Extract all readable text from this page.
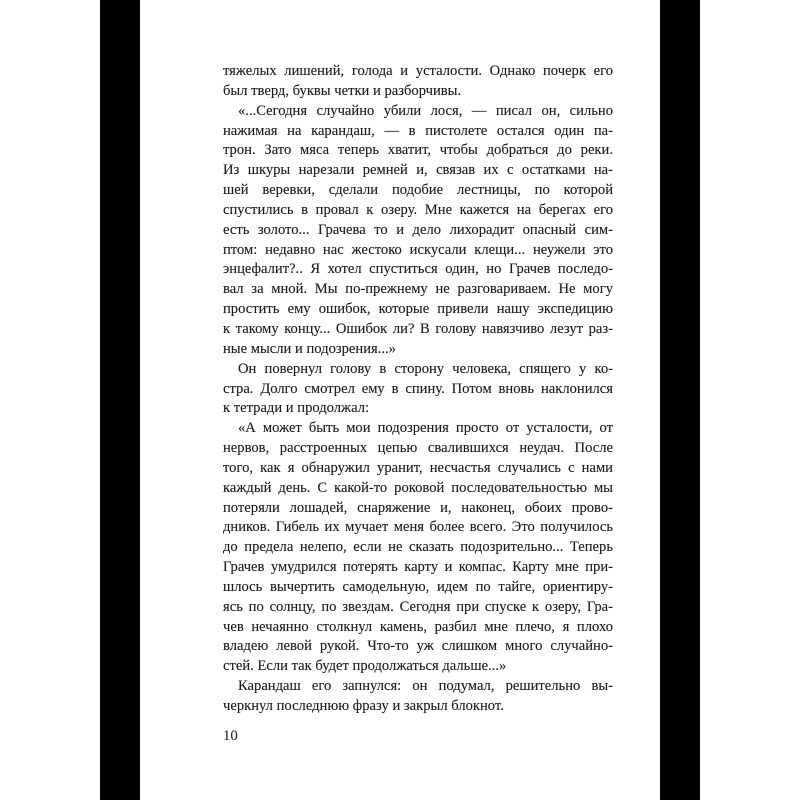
тяжелых лишений, голода и усталости. Однако почерк его
был тверд, буквы четки и разборчивы.
«...Сегодня случайно убили лося, — писал он, сильно
нажимая на карандаш, — в пистолете остался один па-
трон. Зато мяса теперь хватит, чтобы добраться до реки.
Из шкуры нарезали ремней и, связав их с остатками на-
шей веревки, сделали подобие лестницы, по которой
спустились в провал к озеру. Мне кажется на берегах его
есть золото... Грачева то и дело лихорадит опасный сим-
птом: недавно нас жестоко искусали клещи... неужели это
энцефалит?.. Я хотел спуститься один, но Грачев последо-
вал за мной. Мы по-прежнему не разговариваем. Не могу
простить ему ошибок, которые привели нашу экспедицию
к такому концу... Ошибок ли? В голову навязчиво лезут раз-
ные мысли и подозрения...»
Он повернул голову в сторону человека, спящего у ко-
стра. Долго смотрел ему в спину. Потом вновь наклонился
к тетради и продолжал:
«А может быть мои подозрения просто от усталости, от
нервов, расстроенных цепью свалившихся неудач. После
того, как я обнаружил уранит, несчастья случались с нами
каждый день. С какой-то роковой последовательностью мы
потеряли лошадей, снаряжение и, наконец, обоих прово-
дников. Гибель их мучает меня более всего. Это получилось
до предела нелепо, если не сказать подозрительно... Теперь
Грачев умудрился потерять карту и компас. Карту мне при-
шлось вычертить самодельную, идем по тайге, ориентиру-
ясь по солнцу, по звездам. Сегодня при спуске к озеру, Гра-
чев нечаянно столкнул камень, разбил мне плечо, я плохо
владею левой рукой. Что-то уж слишком много случайно-
стей. Если так будет продолжаться дальше...»
Карандаш его запнулся: он подумал, решительно вы-
черкнул последнюю фразу и закрыл блокнот.
10
